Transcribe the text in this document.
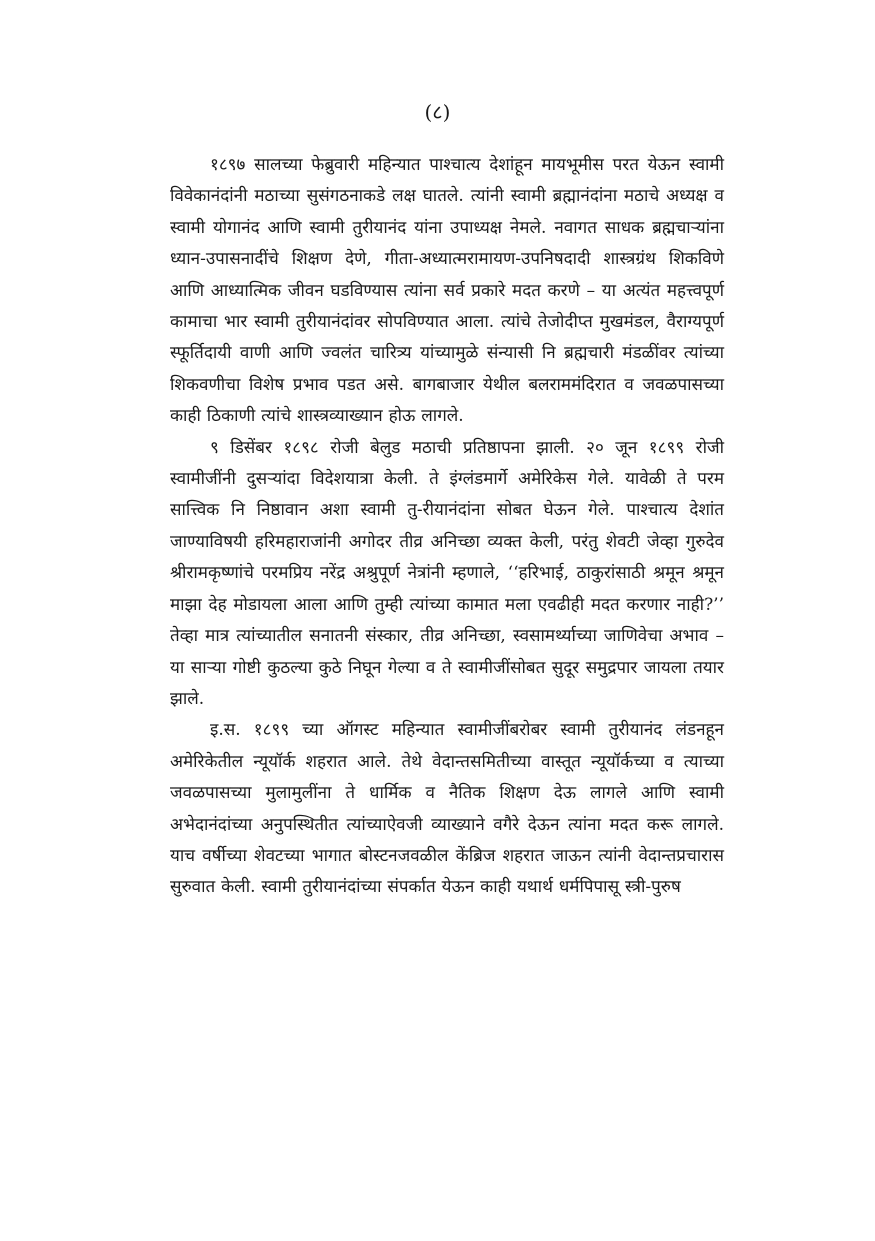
(८)

१८९७ सालच्या फेब्रुवारी महिन्यात पाश्चात्य देशांहून मायभूमीस परत येऊन स्वामी विवेकानंदांनी मठाच्या सुसंगठनाकडे लक्ष घातले. त्यांनी स्वामी ब्रह्मानंदांना मठाचे अध्यक्ष व स्वामी योगानंद आणि स्वामी तुरीयानंद यांना उपाध्यक्ष नेमले. नवागत साधक ब्रह्मचाऱ्यांना ध्यान-उपासनादींचे शिक्षण देणे, गीता-अध्यात्मरामायण-उपनिषदादी शास्त्रग्रंथ शिकविणे आणि आध्यात्मिक जीवन घडविण्यास त्यांना सर्व प्रकारे मदत करणे – या अत्यंत महत्त्वपूर्ण कामाचा भार स्वामी तुरीयानंदांवर सोपविण्यात आला. त्यांचे तेजोदीप्त मुखमंडल, वैराग्यपूर्ण स्फूर्तिदायी वाणी आणि ज्वलंत चारित्र्य यांच्यामुळे संन्यासी नि ब्रह्मचारी मंडळींवर त्यांच्या शिकवणीचा विशेष प्रभाव पडत असे. बागबाजार येथील बलराममंदिरात व जवळपासच्या काही ठिकाणी त्यांचे शास्त्रव्याख्यान होऊ लागले.

९ डिसेंबर १८९८ रोजी बेलुड मठाची प्रतिष्ठापना झाली. २० जून १८९९ रोजी स्वामीजींनी दुसऱ्यांदा विदेशयात्रा केली. ते इंग्लंडमार्गे अमेरिकेस गेले. यावेळी ते परम सात्त्विक नि निष्ठावान अशा स्वामी तु-रीयानंदांना सोबत घेऊन गेले. पाश्चात्य देशांत जाण्याविषयी हरिमहाराजांनी अगोदर तीव्र अनिच्छा व्यक्त केली, परंतु शेवटी जेव्हा गुरुदेव श्रीरामकृष्णांचे परमप्रिय नरेंद्र अश्रुपूर्ण नेत्रांनी म्हणाले, ‘‘हरिभाई, ठाकुरांसाठी श्रमून श्रमून माझा देह मोडायला आला आणि तुम्ही त्यांच्या कामात मला एवढीही मदत करणार नाही?’’ तेव्हा मात्र त्यांच्यातील सनातनी संस्कार, तीव्र अनिच्छा, स्वसामर्थ्याच्या जाणिवेचा अभाव – या साऱ्या गोष्टी कुठल्या कुठे निघून गेल्या व ते स्वामीजींसोबत सुदूर समुद्रपार जायला तयार झाले.

इ.स. १८९९ च्या ऑगस्ट महिन्यात स्वामीजींबरोबर स्वामी तुरीयानंद लंडनहून अमेरिकेतील न्यूयॉर्क शहरात आले. तेथे वेदान्तसमितीच्या वास्तूत न्यूयॉर्कच्या व त्याच्या जवळपासच्या मुलामुलींना ते धार्मिक व नैतिक शिक्षण देऊ लागले आणि स्वामी अभेदानंदांच्या अनुपस्थितीत त्यांच्याऐवजी व्याख्याने वगैरे देऊन त्यांना मदत करू लागले. याच वर्षीच्या शेवटच्या भागात बोस्टनजवळील केंब्रिज शहरात जाऊन त्यांनी वेदान्तप्रचारास सुरुवात केली. स्वामी तुरीयानंदांच्या संपर्कात येऊन काही यथार्थ धर्मपिपासू स्त्री-पुरुष
